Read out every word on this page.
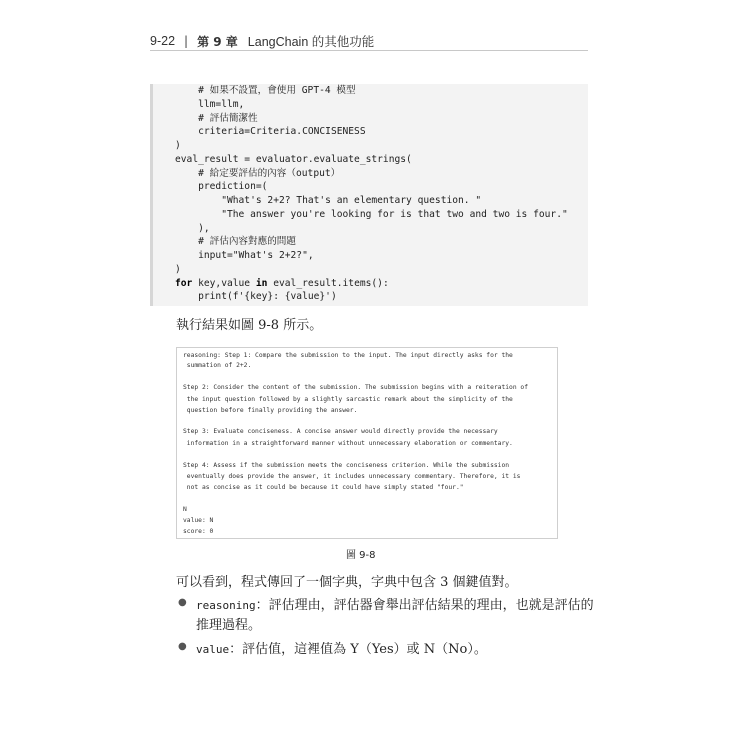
9-22 | 第 9 章 LangChain 的其他功能
# 如果不設置，會使用 GPT-4 模型
llm=llm,
# 評估簡潔性
criteria=Criteria.CONCISENESS
)
eval_result = evaluator.evaluate_strings(
# 給定要評估的內容（output）
prediction=(
"What's 2+2? That's an elementary question. "
"The answer you're looking for is that two and two is four."
),
# 評估內容對應的問題
input="What's 2+2?",
)
for key,value in eval_result.items():
print(f'{key}: {value}')
執行結果如圖 9-8 所示。
reasoning: Step 1: Compare the submission to the input. The input directly asks for the
summation of 2+2.
Step 2: Consider the content of the submission. The submission begins with a reiteration of
the input question followed by a slightly sarcastic remark about the simplicity of the
question before finally providing the answer.
Step 3: Evaluate conciseness. A concise answer would directly provide the necessary
information in a straightforward manner without unnecessary elaboration or commentary.
Step 4: Assess if the submission meets the conciseness criterion. While the submission
eventually does provide the answer, it includes unnecessary commentary. Therefore, it is
not as concise as it could be because it could have simply stated "four."
N
value: N
score: 0
圖 9-8
可以看到，程式傳回了一個字典，字典中包含 3 個鍵值對。
● reasoning：評估理由，評估器會舉出評估結果的理由，也就是評估的
推理過程。
● value：評估值，這裡值為 Y（Yes）或 N（No）。
